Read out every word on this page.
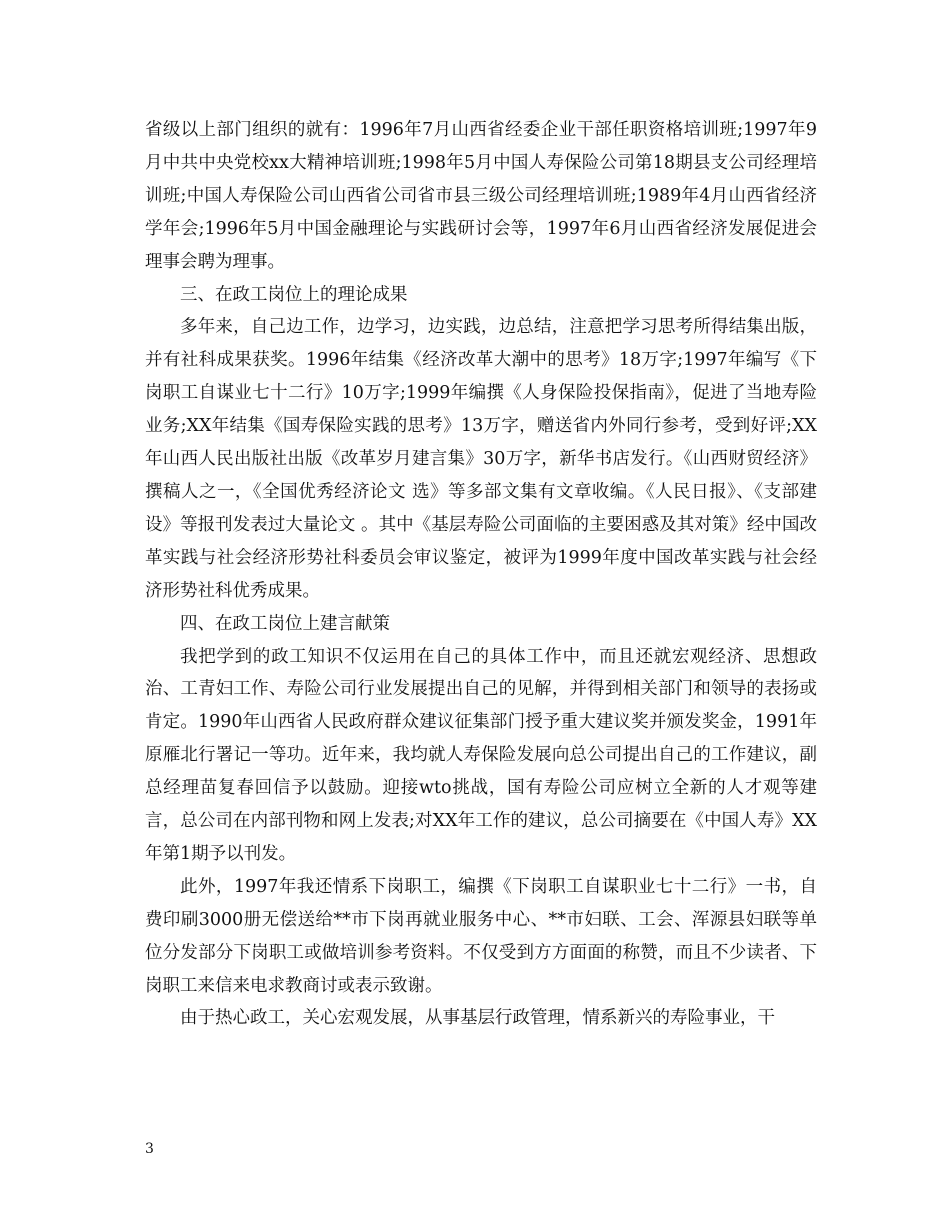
省级以上部门组织的就有：1996年7月山西省经委企业干部任职资格培训班;1997年9月中共中央党校xx大精神培训班;1998年5月中国人寿保险公司第18期县支公司经理培训班;中国人寿保险公司山西省公司省市县三级公司经理培训班;1989年4月山西省经济学年会;1996年5月中国金融理论与实践研讨会等，1997年6月山西省经济发展促进会理事会聘为理事。

三、在政工岗位上的理论成果

多年来，自己边工作，边学习，边实践，边总结，注意把学习思考所得结集出版，并有社科成果获奖。1996年结集《经济改革大潮中的思考》18万字;1997年编写《下岗职工自谋业七十二行》10万字;1999年编撰《人身保险投保指南》，促进了当地寿险业务;XX年结集《国寿保险实践的思考》13万字，赠送省内外同行参考，受到好评;XX年山西人民出版社出版《改革岁月建言集》30万字，新华书店发行。《山西财贸经济》撰稿人之一，《全国优秀经济论文 选》等多部文集有文章收编。《人民日报》、《支部建设》等报刊发表过大量论文 。其中《基层寿险公司面临的主要困惑及其对策》经中国改革实践与社会经济形势社科委员会审议鉴定，被评为1999年度中国改革实践与社会经济形势社科优秀成果。

四、在政工岗位上建言献策

我把学到的政工知识不仅运用在自己的具体工作中，而且还就宏观经济、思想政治、工青妇工作、寿险公司行业发展提出自己的见解，并得到相关部门和领导的表扬或肯定。1990年山西省人民政府群众建议征集部门授予重大建议奖并颁发奖金，1991年原雁北行署记一等功。近年来，我均就人寿保险发展向总公司提出自己的工作建议，副总经理苗复春回信予以鼓励。迎接wto挑战，国有寿险公司应树立全新的人才观等建言，总公司在内部刊物和网上发表;对XX年工作的建议，总公司摘要在《中国人寿》XX年第1期予以刊发。

此外，1997年我还情系下岗职工，编撰《下岗职工自谋职业七十二行》一书，自费印刷3000册无偿送给**市下岗再就业服务中心、**市妇联、工会、浑源县妇联等单位分发部分下岗职工或做培训参考资料。不仅受到方方面面的称赞，而且不少读者、下岗职工来信来电求教商讨或表示致谢。

由于热心政工，关心宏观发展，从事基层行政管理，情系新兴的寿险事业，干

3
